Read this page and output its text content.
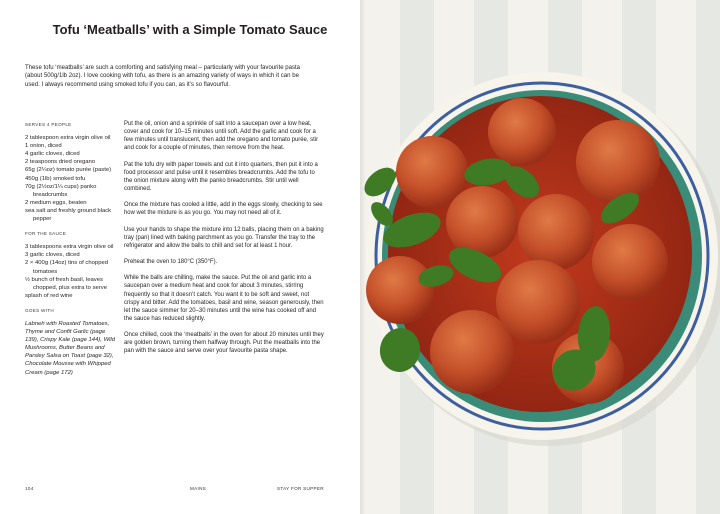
Tofu ‘Meatballs’ with a Simple Tomato Sauce

These tofu ‘meatballs’ are such a comforting and satisfying meal – particularly with your favourite pasta (about 500g/1lb 2oz). I love cooking with tofu, as there is an amazing variety of ways in which it can be used. I always recommend using smoked tofu if you can, as it’s so flavourful.

SERVES 4 PEOPLE
2 tablespoon extra virgin olive oil
1 onion, diced
4 garlic cloves, diced
2 teaspoons dried oregano
65g (2¼oz) tomato purée (paste)
450g (1lb) smoked tofu
70g (2½oz/1¼ cups) panko breadcrumbs
2 medium eggs, beaten
sea salt and freshly ground black pepper
FOR THE SAUCE
3 tablespoons extra virgin olive oil
3 garlic cloves, diced
2 × 400g (14oz) tins of chopped tomatoes
½ bunch of fresh basil, leaves chopped, plus extra to serve
splash of red wine
GOES WITH
Labneh with Roasted Tomatoes, Thyme and Confit Garlic (page 139), Crispy Kale (page 144), Wild Mushrooms, Butter Beans and Parsley Salsa on Toast (page 32), Chocolate Mousse with Whipped Cream (page 172)

Put the oil, onion and a sprinkle of salt into a saucepan over a low heat, cover and cook for 10–15 minutes until soft. Add the garlic and cook for a few minutes until translucent, then add the oregano and tomato purée, stir and cook for a couple of minutes, then remove from the heat.

Pat the tofu dry with paper towels and cut it into quarters, then put it into a food processor and pulse until it resembles breadcrumbs. Add the tofu to the onion mixture along with the panko breadcrumbs. Stir until well combined.

Once the mixture has cooled a little, add in the eggs slowly, checking to see how wet the mixture is as you go. You may not need all of it.

Use your hands to shape the mixture into 12 balls, placing them on a baking tray (pan) lined with baking parchment as you go. Transfer the tray to the refrigerator and allow the balls to chill and set for at least 1 hour.

Preheat the oven to 180°C (350°F).

While the balls are chilling, make the sauce. Put the oil and garlic into a saucepan over a medium heat and cook for about 3 minutes, stirring frequently so that it doesn’t catch. You want it to be soft and sweet, not crispy and bitter. Add the tomatoes, basil and wine, season generously, then let the sauce simmer for 20–30 minutes until the wine has cooked off and the sauce has reduced slightly.

Once chilled, cook the ‘meatballs’ in the oven for about 20 minutes until they are golden brown, turning them halfway through. Put the meatballs into the pan with the sauce and serve over your favourite pasta shape.

104	MAINS	STAY FOR SUPPER
